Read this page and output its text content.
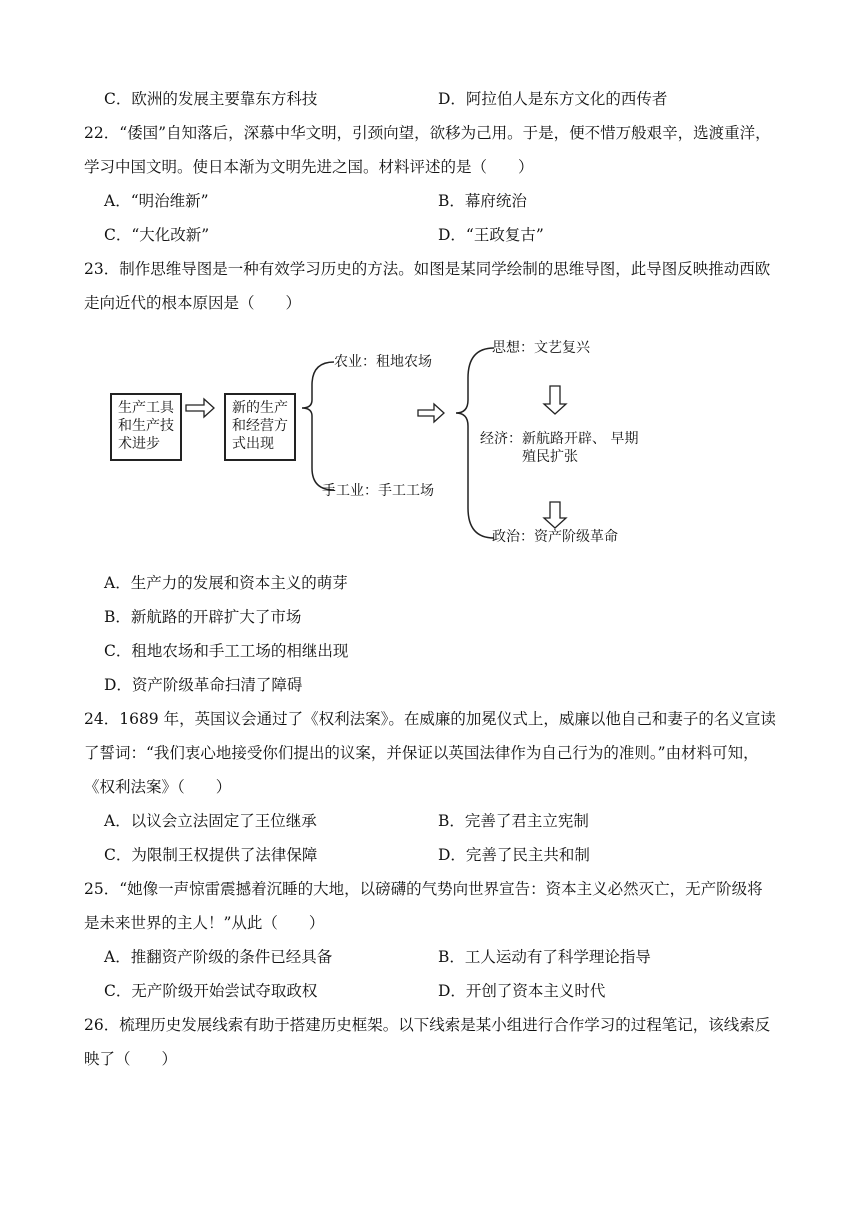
C．欧洲的发展主要靠东方科技	D．阿拉伯人是东方文化的西传者
22．“倭国”自知落后，深慕中华文明，引颈向望，欲移为己用。于是，便不惜万般艰辛，选渡重洋，
学习中国文明。使日本渐为文明先进之国。材料评述的是（　　）
A．“明治维新”	B．幕府统治
C．“大化改新”	D．“王政复古”
23．制作思维导图是一种有效学习历史的方法。如图是某同学绘制的思维导图，此导图反映推动西欧
走向近代的根本原因是（　　）
生产工具
和生产技
术进步
新的生产
和经营方
式出现
农业：租地农场
手工业：手工工场
思想：文艺复兴
经济：新航路开辟、 早期
殖民扩张
政治：资产阶级革命
A．生产力的发展和资本主义的萌芽
B．新航路的开辟扩大了市场
C．租地农场和手工工场的相继出现
D．资产阶级革命扫清了障碍
24．1689 年，英国议会通过了《权利法案》。在威廉的加冕仪式上，威廉以他自己和妻子的名义宣读
了誓词：“我们衷心地接受你们提出的议案，并保证以英国法律作为自己行为的准则。”由材料可知，
《权利法案》（　　）
A．以议会立法固定了王位继承	B．完善了君主立宪制
C．为限制王权提供了法律保障	D．完善了民主共和制
25．“她像一声惊雷震撼着沉睡的大地，以磅礴的气势向世界宣告：资本主义必然灭亡，无产阶级将
是未来世界的主人！”从此（　　）
A．推翻资产阶级的条件已经具备	B．工人运动有了科学理论指导
C．无产阶级开始尝试夺取政权	D．开创了资本主义时代
26．梳理历史发展线索有助于搭建历史框架。以下线索是某小组进行合作学习的过程笔记，该线索反
映了（　　）
